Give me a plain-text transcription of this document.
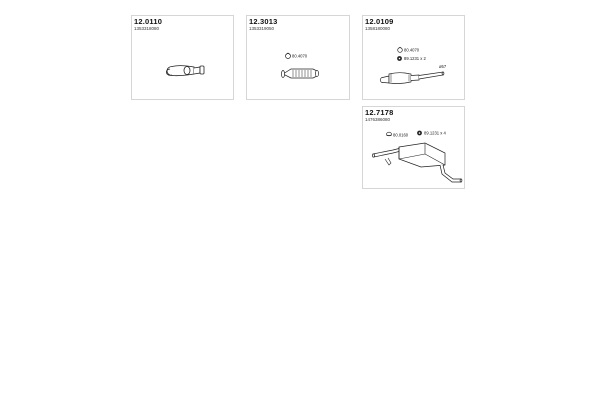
12.0110
1353318080
12.3013
1353319050
80.4070
12.0109
1358180080
80.4070
89.1231 x 2
ø57
12.7178
1476386080
80.0160	89.1231 x 4
